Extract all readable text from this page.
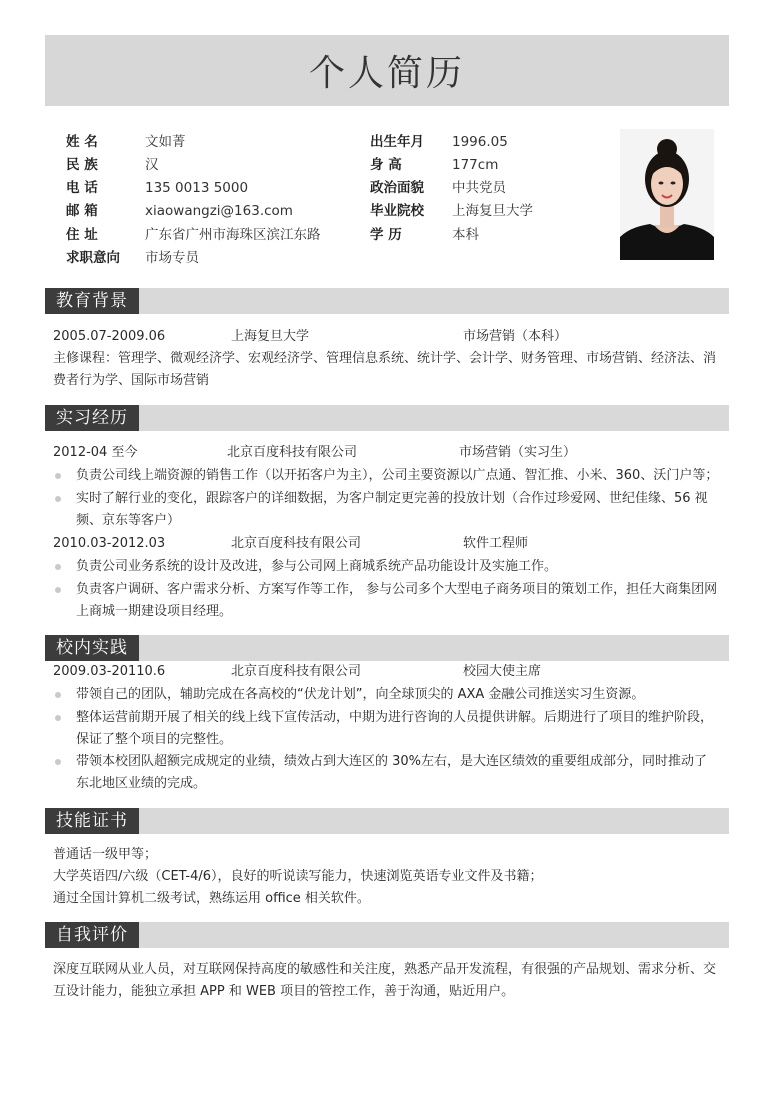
个人简历
姓 名	文如菁
民 族	汉
电 话	135 0013 5000
邮 箱	xiaowangzi@163.com
住 址	广东省广州市海珠区滨江东路
求职意向 市场专员
出生年月 1996.05
身 高	177cm
政治面貌 中共党员
毕业院校 上海复旦大学
学 历	本科
教育背景
2005.07-2009.06	上海复旦大学	市场营销（本科）
主修课程：管理学、微观经济学、宏观经济学、管理信息系统、统计学、会计学、财务管理、市场营销、经济法、消费者行为学、国际市场营销
实习经历
2012-04 至今	北京百度科技有限公司	市场营销（实习生）
负责公司线上端资源的销售工作（以开拓客户为主），公司主要资源以广点通、智汇推、小米、360、沃门户等；
实时了解行业的变化，跟踪客户的详细数据，为客户制定更完善的投放计划（合作过珍爱网、世纪佳缘、56 视频、京东等客户）
2010.03-2012.03	北京百度科技有限公司	软件工程师
负责公司业务系统的设计及改进，参与公司网上商城系统产品功能设计及实施工作。
负责客户调研、客户需求分析、方案写作等工作， 参与公司多个大型电子商务项目的策划工作，担任大商集团网上商城一期建设项目经理。
校内实践
2009.03-20110.6	北京百度科技有限公司	校园大使主席
带领自己的团队，辅助完成在各高校的“伏龙计划”，向全球顶尖的 AXA 金融公司推送实习生资源。
整体运营前期开展了相关的线上线下宣传活动，中期为进行咨询的人员提供讲解。后期进行了项目的维护阶段，保证了整个项目的完整性。
带领本校团队超额完成规定的业绩，绩效占到大连区的 30%左右，是大连区绩效的重要组成部分，同时推动了东北地区业绩的完成。
技能证书
普通话一级甲等；
大学英语四/六级（CET-4/6），良好的听说读写能力，快速浏览英语专业文件及书籍；
通过全国计算机二级考试，熟练运用 office 相关软件。
自我评价
深度互联网从业人员，对互联网保持高度的敏感性和关注度，熟悉产品开发流程，有很强的产品规划、需求分析、交互设计能力，能独立承担 APP 和 WEB 项目的管控工作，善于沟通，贴近用户。
